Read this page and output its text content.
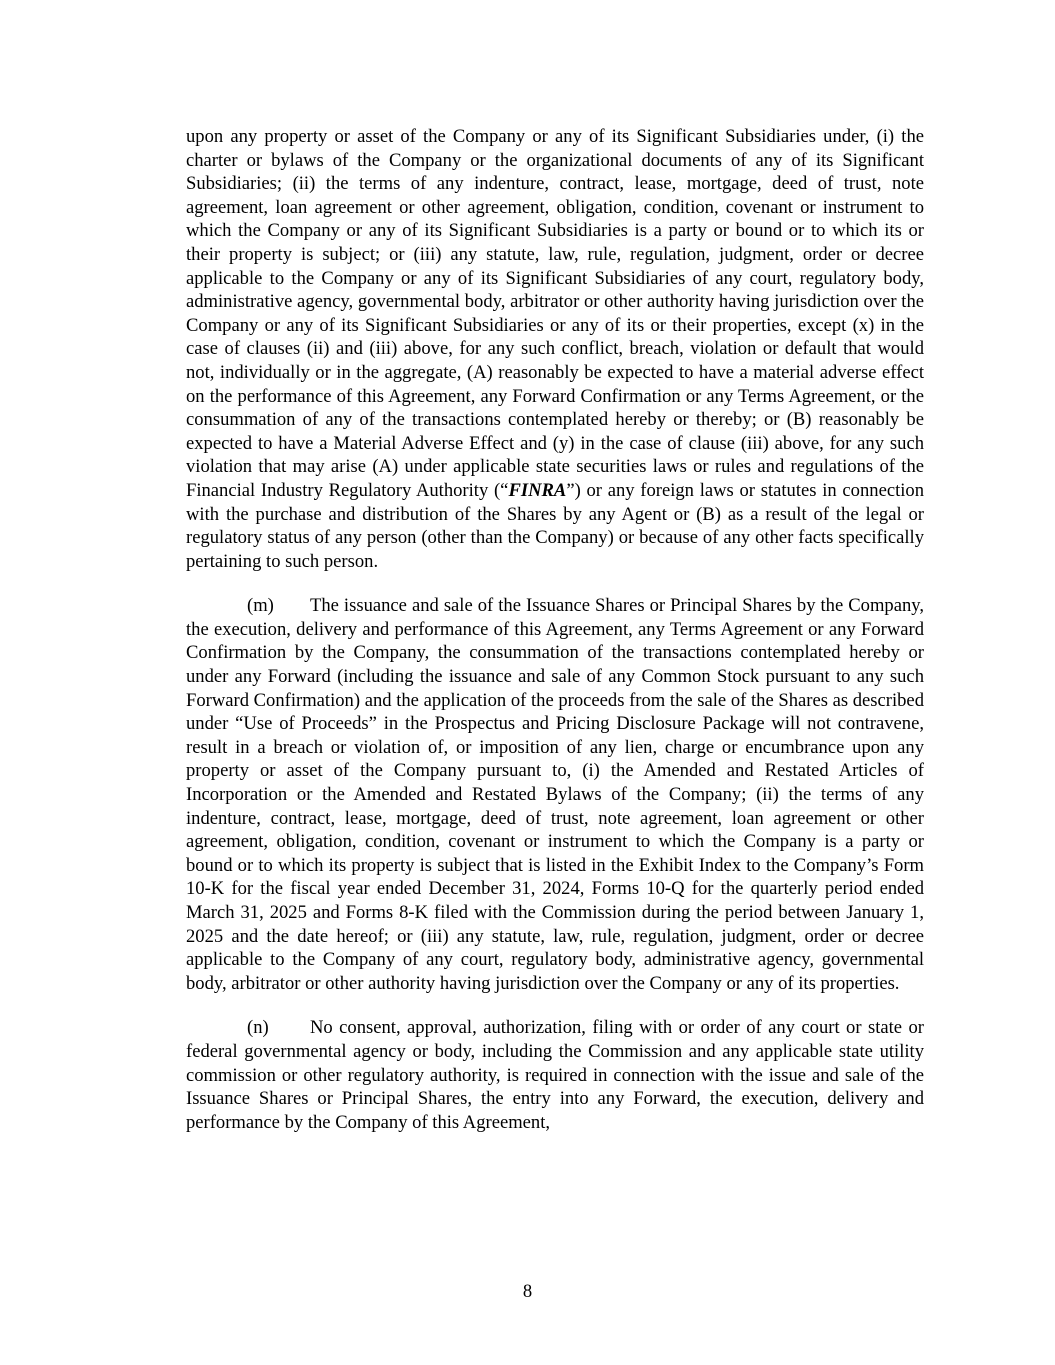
upon any property or asset of the Company or any of its Significant Subsidiaries under, (i) the charter or bylaws of the Company or the organizational documents of any of its Significant Subsidiaries; (ii) the terms of any indenture, contract, lease, mortgage, deed of trust, note agreement, loan agreement or other agreement, obligation, condition, covenant or instrument to which the Company or any of its Significant Subsidiaries is a party or bound or to which its or their property is subject; or (iii) any statute, law, rule, regulation, judgment, order or decree applicable to the Company or any of its Significant Subsidiaries of any court, regulatory body, administrative agency, governmental body, arbitrator or other authority having jurisdiction over the Company or any of its Significant Subsidiaries or any of its or their properties, except (x) in the case of clauses (ii) and (iii) above, for any such conflict, breach, violation or default that would not, individually or in the aggregate, (A) reasonably be expected to have a material adverse effect on the performance of this Agreement, any Forward Confirmation or any Terms Agreement, or the consummation of any of the transactions contemplated hereby or thereby; or (B) reasonably be expected to have a Material Adverse Effect and (y) in the case of clause (iii) above, for any such violation that may arise (A) under applicable state securities laws or rules and regulations of the Financial Industry Regulatory Authority (“FINRA”) or any foreign laws or statutes in connection with the purchase and distribution of the Shares by any Agent or (B) as a result of the legal or regulatory status of any person (other than the Company) or because of any other facts specifically pertaining to such person.

(m) The issuance and sale of the Issuance Shares or Principal Shares by the Company, the execution, delivery and performance of this Agreement, any Terms Agreement or any Forward Confirmation by the Company, the consummation of the transactions contemplated hereby or under any Forward (including the issuance and sale of any Common Stock pursuant to any such Forward Confirmation) and the application of the proceeds from the sale of the Shares as described under “Use of Proceeds” in the Prospectus and Pricing Disclosure Package will not contravene, result in a breach or violation of, or imposition of any lien, charge or encumbrance upon any property or asset of the Company pursuant to, (i) the Amended and Restated Articles of Incorporation or the Amended and Restated Bylaws of the Company; (ii) the terms of any indenture, contract, lease, mortgage, deed of trust, note agreement, loan agreement or other agreement, obligation, condition, covenant or instrument to which the Company is a party or bound or to which its property is subject that is listed in the Exhibit Index to the Company’s Form 10-K for the fiscal year ended December 31, 2024, Forms 10-Q for the quarterly period ended March 31, 2025 and Forms 8-K filed with the Commission during the period between January 1, 2025 and the date hereof; or (iii) any statute, law, rule, regulation, judgment, order or decree applicable to the Company of any court, regulatory body, administrative agency, governmental body, arbitrator or other authority having jurisdiction over the Company or any of its properties.

(n) No consent, approval, authorization, filing with or order of any court or state or federal governmental agency or body, including the Commission and any applicable state utility commission or other regulatory authority, is required in connection with the issue and sale of the Issuance Shares or Principal Shares, the entry into any Forward, the execution, delivery and performance by the Company of this Agreement,

8
